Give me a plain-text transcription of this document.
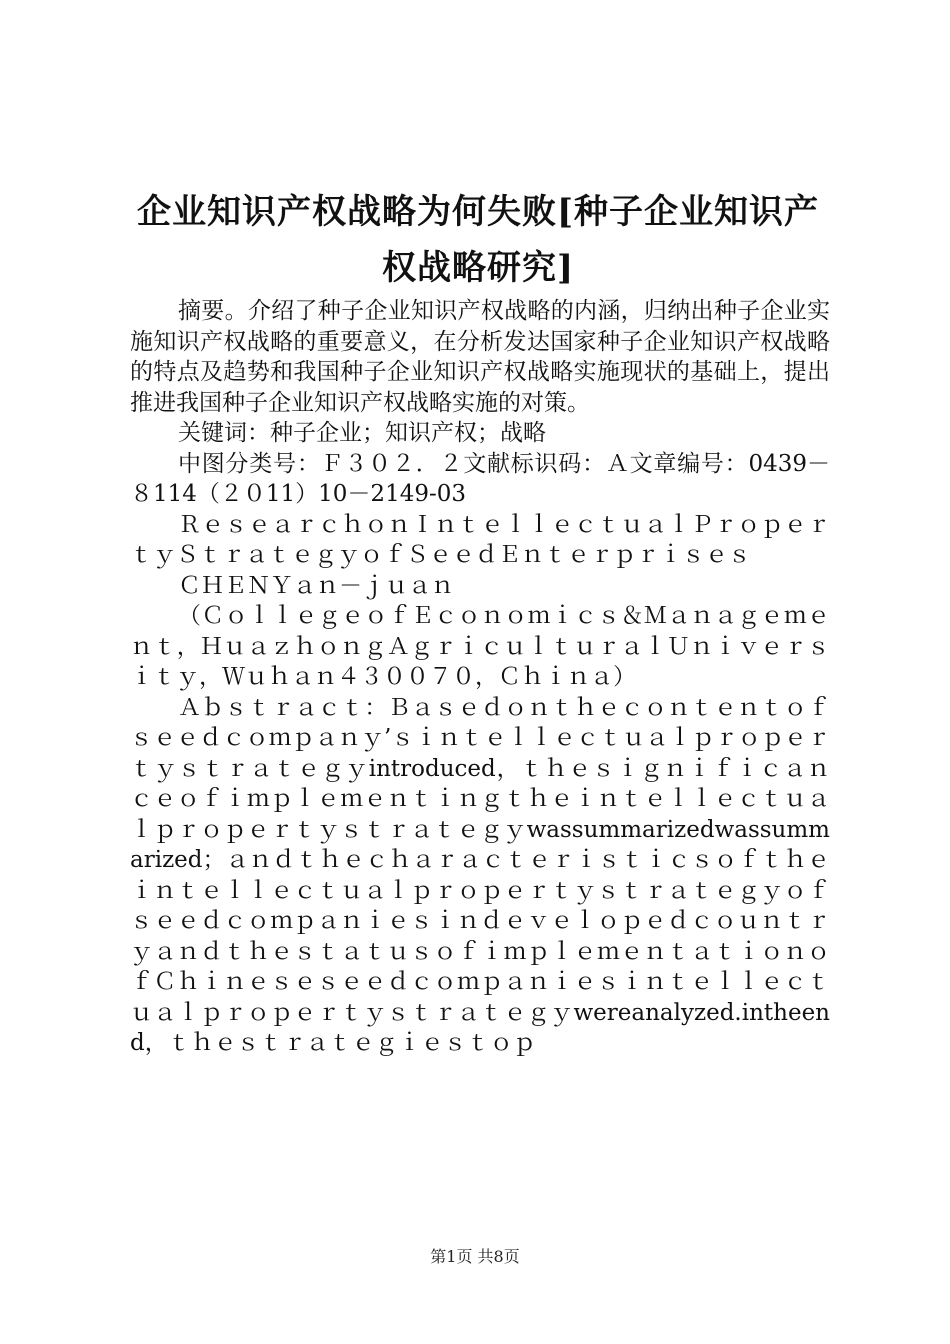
企业知识产权战略为何失败[种子企业知识产
权战略研究]

摘要。介绍了种子企业知识产权战略的内涵，归纳出种子企业实施知识产权战略的重要意义，在分析发达国家种子企业知识产权战略的特点及趋势和我国种子企业知识产权战略实施现状的基础上，提出推进我国种子企业知识产权战略实施的对策。

关键词：种子企业；知识产权；战略

中图分类号：Ｆ３０２．２文献标识码：Ａ文章编号：0439－８114（２０11）10－2149-03

ＲｅｓｅａｒｃｈｏｎＩｎｔｅｌｌｅｃｔｕａｌＰｒｏｐｅｒｔｙＳｔｒａｔｅｇｙｏｆＳｅｅｄＥｎｔｅｒｐｒｉｓｅｓ

ＣＨＥＮＹａｎ－ｊｕａｎ

（ＣｏｌｌｅｇｅｏｆＥｃｏｎｏｍｉｃｓ＆Ｍａｎａｇｅｍｅｎｔ，ＨｕａｚｈｏｎｇＡｇｒｉｃｕｌｔｕｒａｌＵｎｉｖｅｒｓｉｔｙ，Ｗｕｈａｎ４３００７０，Ｃｈｉｎａ）

Ａｂｓｔｒａｃｔ：Ｂａｓｅｄｏｎｔｈｅｃｏｎｔｅｎｔｏｆｓｅｅｄｃｏｍｐａｎｙ’ｓｉｎｔｅｌｌｅｃｔｕａｌｐｒｏｐｅｒｔｙｓｔｒａｔｅｇｙintroduced，ｔｈｅｓｉｇｎｉｆｉｃａｎｃｅｏｆｉｍｐｌｅｍｅｎｔｉｎｇｔｈｅｉｎｔｅｌｌｅｃｔｕａｌｐｒｏｐｅｒｔｙｓｔｒａｔｅｇｙwassummarizedwassummarized；ａｎｄｔｈｅｃｈａｒａｃｔｅｒｉｓｔｉｃｓｏｆｔｈｅｉｎｔｅｌｌｅｃｔｕａｌｐｒｏｐｅｒｔｙｓｔｒａｔｅｇｙｏｆｓｅｅｄｃｏｍｐａｎｉｅｓｉｎｄｅｖｅｌｏｐｅｄｃｏｕｎｔｒｙａｎｄｔｈｅｓｔａｔｕｓｏｆｉｍｐｌｅｍｅｎｔａｔｉｏｎｏｆＣｈｉｎｅｓｅｓｅｅｄｃｏｍｐａｎｉｅｓｉｎｔｅｌｌｅｃｔｕａｌｐｒｏｐｅｒｔｙｓｔｒａｔｅｇｙwereanalyzed.intheend，ｔｈｅｓｔｒａｔｅｇｉｅｓｔｏｐ

第1页 共8页
